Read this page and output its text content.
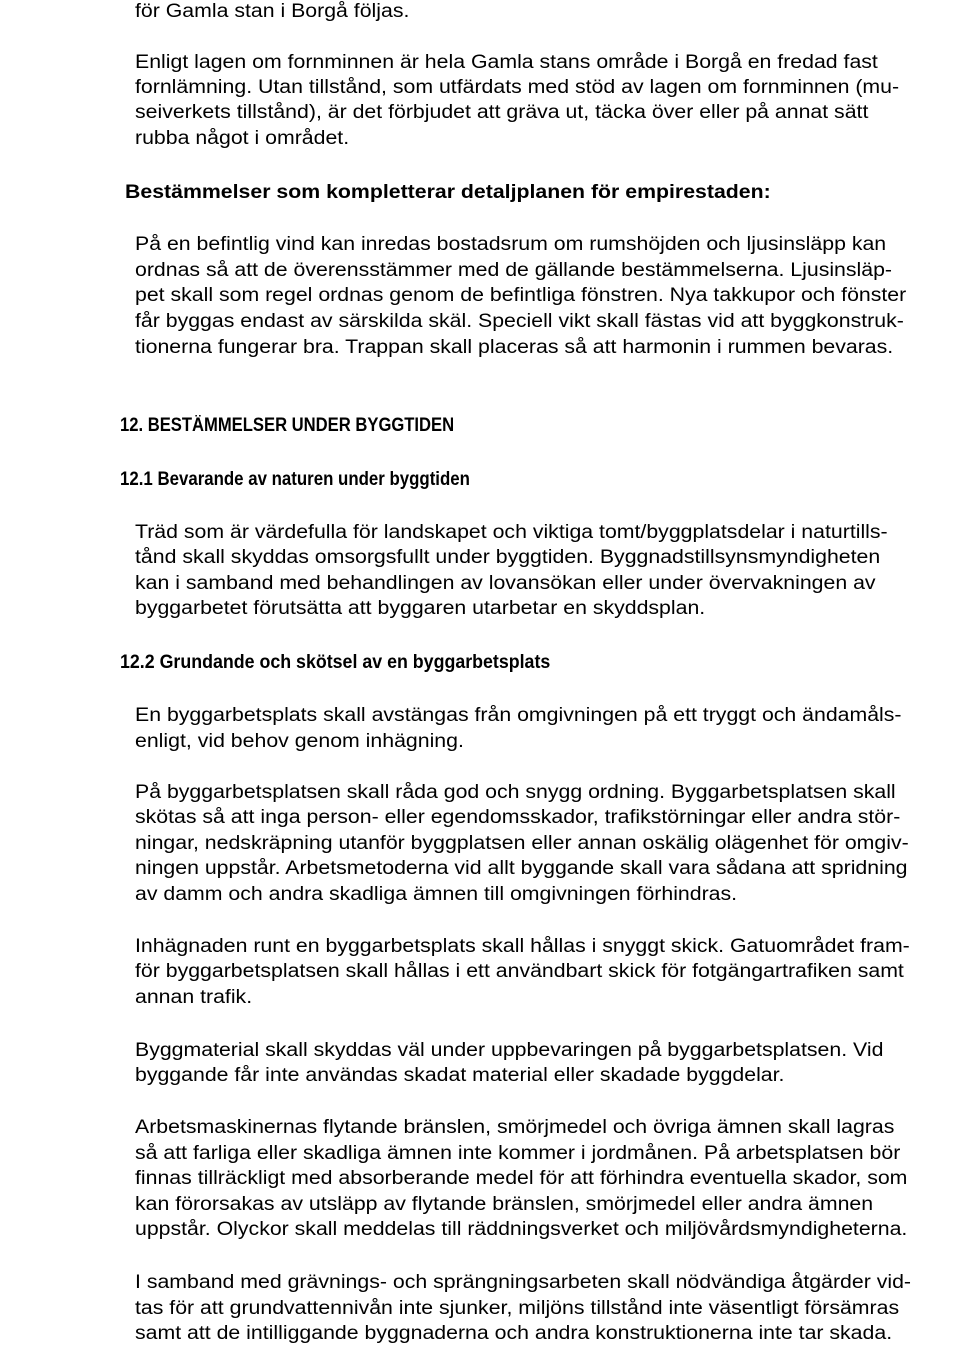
för Gamla stan i Borgå följas.
Enligt lagen om fornminnen är hela Gamla stans område i Borgå en fredad fast
fornlämning. Utan tillstånd, som utfärdats med stöd av lagen om fornminnen (mu-
seiverkets tillstånd), är det förbjudet att gräva ut, täcka över eller på annat sätt
rubba något i området.
Bestämmelser som kompletterar detaljplanen för empirestaden:
På en befintlig vind kan inredas bostadsrum om rumshöjden och ljusinsläpp kan
ordnas så att de överensstämmer med de gällande bestämmelserna. Ljusinsläp-
pet skall som regel ordnas genom de befintliga fönstren. Nya takkupor och fönster
får byggas endast av särskilda skäl. Speciell vikt skall fästas vid att byggkonstruk-
tionerna fungerar bra. Trappan skall placeras så att harmonin i rummen bevaras.
12. BESTÄMMELSER UNDER BYGGTIDEN
12.1 Bevarande av naturen under byggtiden
Träd som är värdefulla för landskapet och viktiga tomt/byggplatsdelar i naturtills-
tånd skall skyddas omsorgsfullt under byggtiden. Byggnadstillsynsmyndigheten
kan i samband med behandlingen av lovansökan eller under övervakningen av
byggarbetet förutsätta att byggaren utarbetar en skyddsplan.
12.2 Grundande och skötsel av en byggarbetsplats
En byggarbetsplats skall avstängas från omgivningen på ett tryggt och ändamåls-
enligt, vid behov genom inhägning.
På byggarbetsplatsen skall råda god och snygg ordning. Byggarbetsplatsen skall
skötas så att inga person- eller egendomsskador, trafikstörningar eller andra stör-
ningar, nedskräpning utanför byggplatsen eller annan oskälig olägenhet för omgiv-
ningen uppstår. Arbetsmetoderna vid allt byggande skall vara sådana att spridning
av damm och andra skadliga ämnen till omgivningen förhindras.
Inhägnaden runt en byggarbetsplats skall hållas i snyggt skick. Gatuområdet fram-
för byggarbetsplatsen skall hållas i ett användbart skick för fotgängartrafiken samt
annan trafik.
Byggmaterial skall skyddas väl under uppbevaringen på byggarbetsplatsen. Vid
byggande får inte användas skadat material eller skadade byggdelar.
Arbetsmaskinernas flytande bränslen, smörjmedel och övriga ämnen skall lagras
så att farliga eller skadliga ämnen inte kommer i jordmånen. På arbetsplatsen bör
finnas tillräckligt med absorberande medel för att förhindra eventuella skador, som
kan förorsakas av utsläpp av flytande bränslen, smörjmedel eller andra ämnen
uppstår. Olyckor skall meddelas till räddningsverket och miljövårdsmyndigheterna.
I samband med grävnings- och sprängningsarbeten skall nödvändiga åtgärder vid-
tas för att grundvattennivån inte sjunker, miljöns tillstånd inte väsentligt försämras
samt att de intilliggande byggnaderna och andra konstruktionerna inte tar skada.
